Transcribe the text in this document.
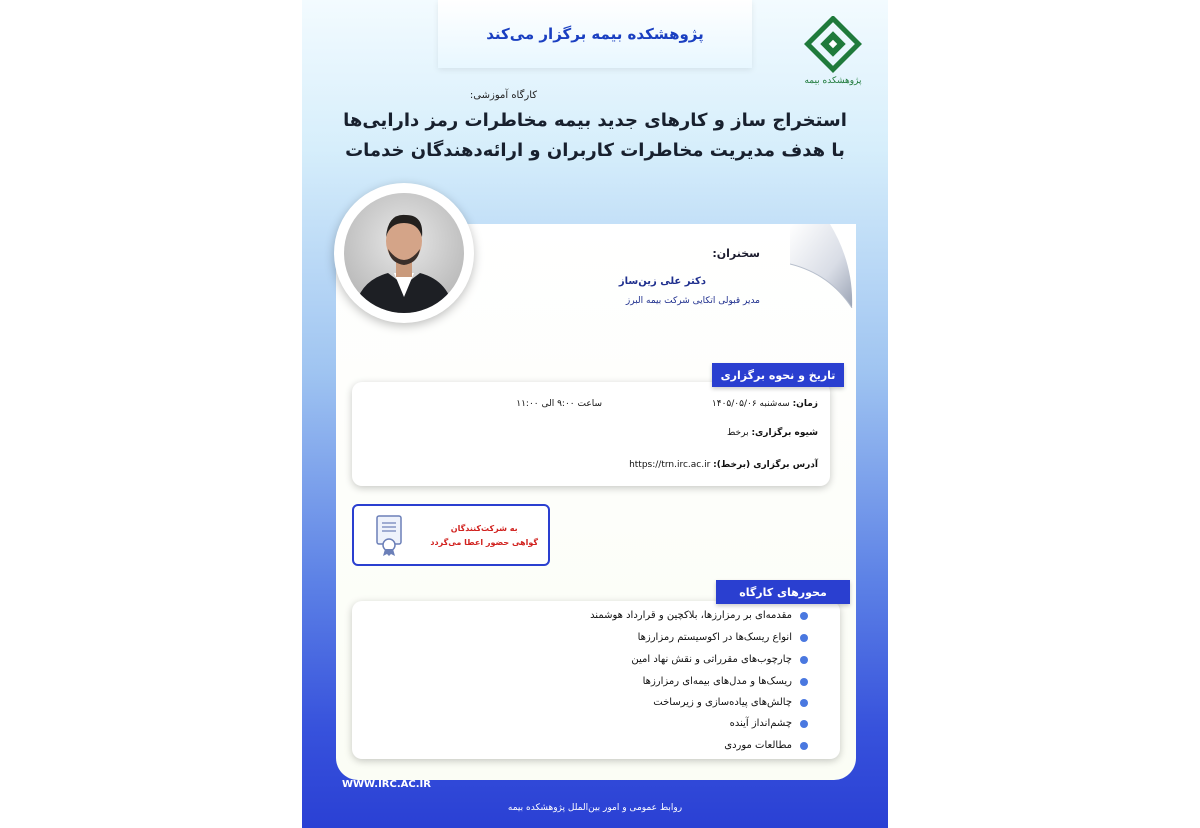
پژوهشکده بیمه برگزار می‌کند
پژوهشکده بیمه
کارگاه آموزشی:
استخراج ساز و کارهای جدید بیمه مخاطرات رمز دارایی‌ها
با هدف مدیریت مخاطرات کاربران و ارائه‌دهندگان خدمات
سخنران:
دکتر علی زین‌ساز
مدیر قبولی اتکایی شرکت بیمه البرز
تاریخ و نحوه برگزاری
زمان: سه‌شنبه ۱۴۰۵/۰۵/۰۶
ساعت ۹:۰۰ الی ۱۱:۰۰
شیوه برگزاری: برخط
آدرس برگزاری (برخط): https://trn.irc.ac.ir
به شرکت‌کنندگان
گواهی حضور اعطا می‌گردد
محورهای کارگاه
مقدمه‌ای بر رمزارزها، بلاکچین و قرارداد هوشمند
انواع ریسک‌ها در اکوسیستم رمزارزها
چارچوب‌های مقرراتی و نقش نهاد امین
ریسک‌ها و مدل‌های بیمه‌ای رمزارزها
چالش‌های پیاده‌سازی و زیرساخت
چشم‌انداز آینده
مطالعات موردی
WWW.IRC.AC.IR
روابط عمومی و امور بین‌الملل پژوهشکده بیمه
